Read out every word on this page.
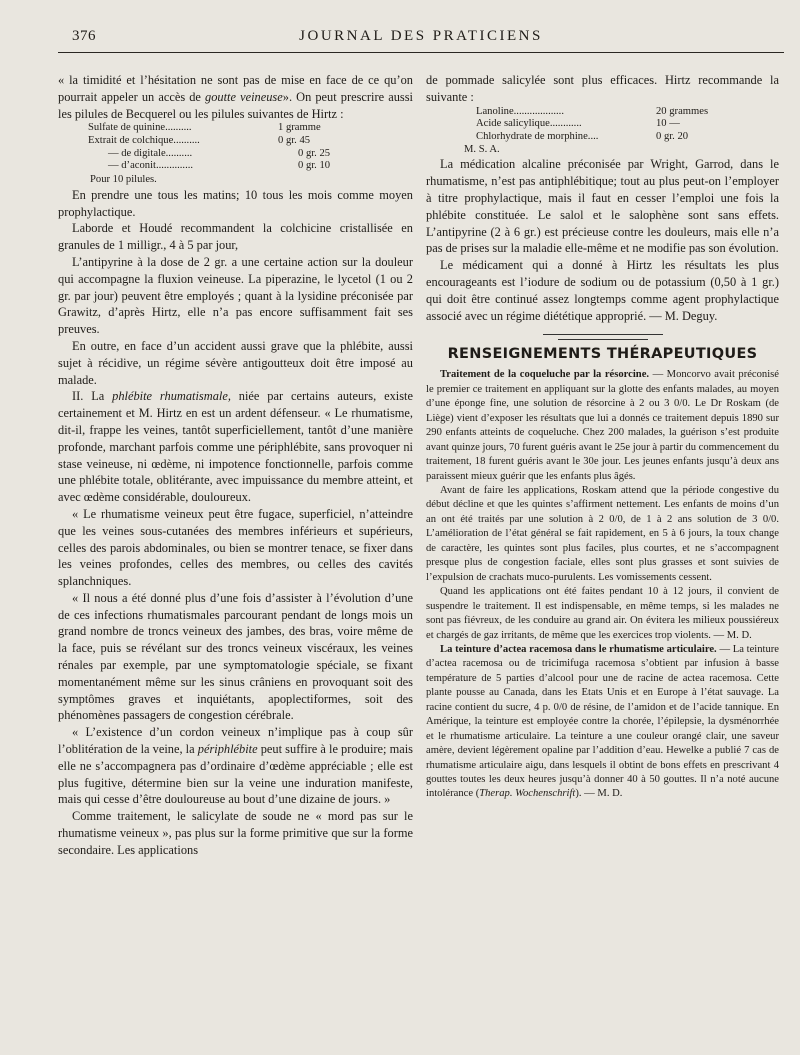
376	JOURNAL DES PRATICIENS

« la timidité et l’hésitation ne sont pas de mise en face de ce qu’on pourrait appeler un accès de goutte veineuse». On peut prescrire aussi les pilules de Becquerel ou les pilules suivantes de Hirtz :

Sulfate de quinine..........	1 gramme
Extrait de colchique..........	0 gr. 45
— de digitale..........	0 gr. 25
— d’aconit..............	0 gr. 10
Pour 10 pilules.

En prendre une tous les matins; 10 tous les mois comme moyen prophylactique.

Laborde et Houdé recommandent la colchicine cristallisée en granules de 1 milligr., 4 à 5 par jour,

L’antipyrine à la dose de 2 gr. a une certaine action sur la douleur qui accompagne la fluxion veineuse. La piperazine, le lycetol (1 ou 2 gr. par jour) peuvent être employés ; quant à la lysidine préconisée par Grawitz, d’après Hirtz, elle n’a pas encore suffisamment fait ses preuves.

En outre, en face d’un accident aussi grave que la phlébite, aussi sujet à récidive, un régime sévère antigoutteux doit être imposé au malade.

II. La phlébite rhumatismale, niée par certains auteurs, existe certainement et M. Hirtz en est un ardent défenseur. « Le rhumatisme, dit-il, frappe les veines, tantôt superficiellement, tantôt d’une manière profonde, marchant parfois comme une périphlébite, sans provoquer ni stase veineuse, ni œdème, ni impotence fonctionnelle, parfois comme une phlébite totale, oblitérante, avec impuissance du membre atteint, et avec œdème considérable, douloureux.

« Le rhumatisme veineux peut être fugace, superficiel, n’atteindre que les veines sous-cutanées des membres inférieurs et supérieurs, celles des parois abdominales, ou bien se montrer tenace, se fixer dans les veines profondes, celles des membres, ou celles des cavités splanchniques.

« Il nous a été donné plus d’une fois d’assister à l’évolution d’une de ces infections rhumatismales parcourant pendant de longs mois un grand nombre de troncs veineux des jambes, des bras, voire même de la face, puis se révélant sur des troncs veineux viscéraux, les veines rénales par exemple, par une symptomatologie spéciale, se fixant momentanément même sur les sinus crâniens en provoquant soit des symptômes graves et inquiétants, apoplectiformes, soit des phénomènes passagers de congestion cérébrale.

« L’existence d’un cordon veineux n’implique pas à coup sûr l’oblitération de la veine, la périphlébite peut suffire à le produire; mais elle ne s’accompagnera pas d’ordinaire d’œdème appréciable ; elle est plus fugitive, détermine bien sur la veine une induration manifeste, mais qui cesse d’être douloureuse au bout d’une dizaine de jours. »

Comme traitement, le salicylate de soude ne « mord pas sur le rhumatisme veineux », pas plus sur la forme primitive que sur la forme secondaire. Les applications

de pommade salicylée sont plus efficaces. Hirtz recommande la suivante :

Lanoline...................	20 grammes
Acide salicylique............	10 —
Chlorhydrate de morphine....	0 gr. 20
M. S. A.

La médication alcaline préconisée par Wright, Garrod, dans le rhumatisme, n’est pas antiphlébitique; tout au plus peut-on l’employer à titre prophylactique, mais il faut en cesser l’emploi une fois la phlébite constituée. Le salol et le salophène sont sans effets. L’antipyrine (2 à 6 gr.) est précieuse contre les douleurs, mais elle n’a pas de prises sur la maladie elle-même et ne modifie pas son évolution.

Le médicament qui a donné à Hirtz les résultats les plus encourageants est l’iodure de sodium ou de potassium (0,50 à 1 gr.) qui doit être continué assez longtemps comme agent prophylactique associé avec un régime diététique approprié. — M. Deguy.

RENSEIGNEMENTS THÉRAPEUTIQUES

Traitement de la coqueluche par la résorcine. — Moncorvo avait préconisé le premier ce traitement en appliquant sur la glotte des enfants malades, au moyen d’une éponge fine, une solution de résorcine à 2 ou 3 0/0. Le Dr Roskam (de Liège) vient d’exposer les résultats que lui a donnés ce traitement depuis 1890 sur 290 enfants atteints de coqueluche. Chez 200 malades, la guérison s’est produite avant quinze jours, 70 furent guéris avant le 25e jour à partir du commencement du traitement, 18 furent guéris avant le 30e jour. Les jeunes enfants jusqu’à deux ans paraissent mieux guérir que les enfants plus âgés.

Avant de faire les applications, Roskam attend que la période congestive du début décline et que les quintes s’affirment nettement. Les enfants de moins d’un an ont été traités par une solution à 2 0/0, de 1 à 2 ans solution de 3 0/0. L’amélioration de l’état général se fait rapidement, en 5 à 6 jours, la toux change de caractère, les quintes sont plus faciles, plus courtes, et ne s’accompagnent presque plus de congestion faciale, elles sont plus grasses et sont suivies de l’expulsion de crachats muco-purulents. Les vomissements cessent.

Quand les applications ont été faites pendant 10 à 12 jours, il convient de suspendre le traitement. Il est indispensable, en même temps, si les malades ne sont pas fiévreux, de les conduire au grand air. On évitera les milieux poussiéreux et chargés de gaz irritants, de même que les exercices trop violents. — M. D.

La teinture d’actea racemosa dans le rhumatisme articulaire. — La teinture d’actea racemosa ou de tricimifuga racemosa s’obtient par infusion à basse température de 5 parties d’alcool pour une de racine de actea racemosa. Cette plante pousse au Canada, dans les Etats Unis et en Europe à l’état sauvage. La racine contient du sucre, 4 p. 0/0 de résine, de l’amidon et de l’acide tannique. En Amérique, la teinture est employée contre la chorée, l’épilepsie, la dysménorrhée et le rhumatisme articulaire. La teinture a une couleur orangé clair, une saveur amère, devient légèrement opaline par l’addition d’eau. Hewelke a publié 7 cas de rhumatisme articulaire aigu, dans lesquels il obtint de bons effets en prescrivant 4 gouttes toutes les deux heures jusqu’à donner 40 à 50 gouttes. Il n’a noté aucune intolérance (Therap. Wochenschrift). — M. D.
